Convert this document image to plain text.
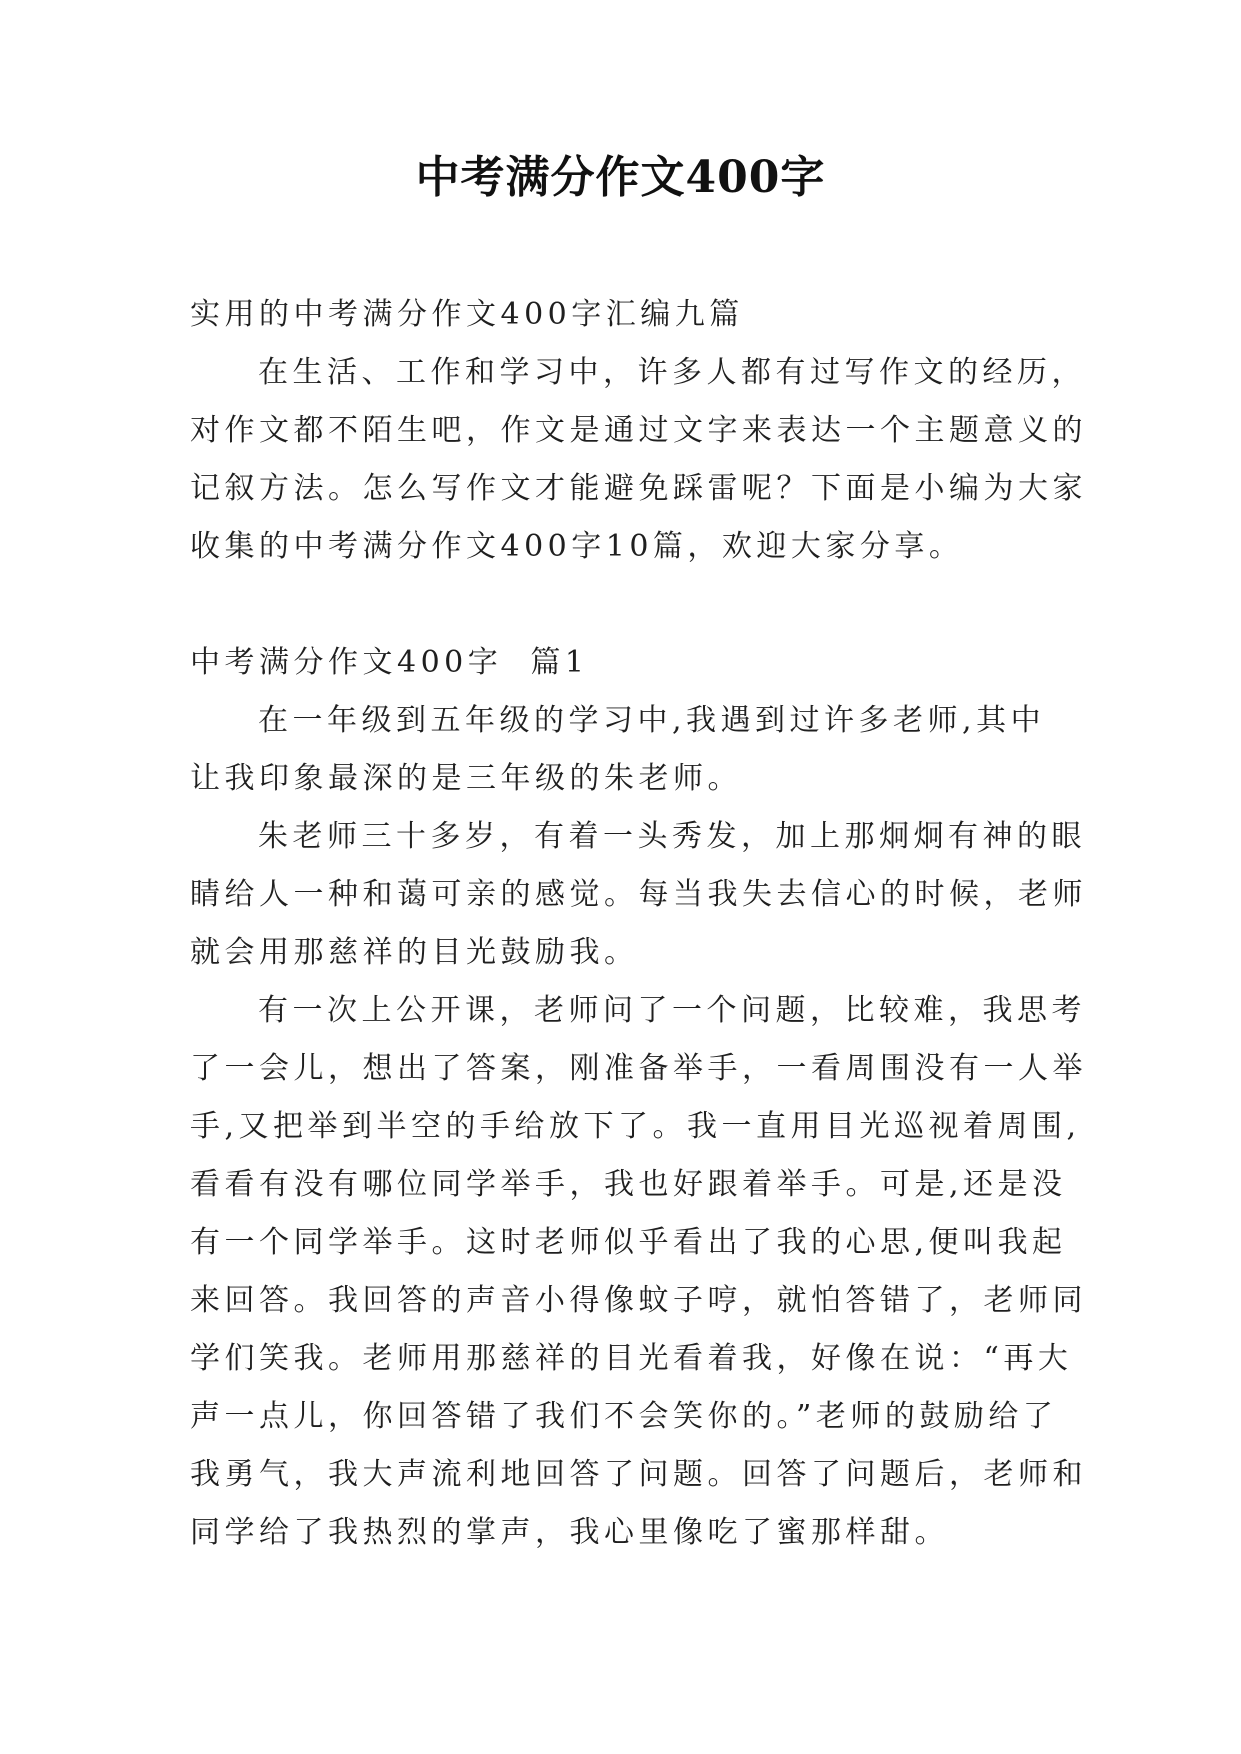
中考满分作文400字

实用的中考满分作文400字汇编九篇

在生活、工作和学习中，许多人都有过写作文的经历，

对作文都不陌生吧，作文是通过文字来表达一个主题意义的

记叙方法。怎么写作文才能避免踩雷呢？下面是小编为大家

收集的中考满分作文400字10篇，欢迎大家分享。

中考满分作文400字  篇1

在一年级到五年级的学习中,我遇到过许多老师,其中

让我印象最深的是三年级的朱老师。

朱老师三十多岁，有着一头秀发，加上那炯炯有神的眼

睛给人一种和蔼可亲的感觉。每当我失去信心的时候，老师

就会用那慈祥的目光鼓励我。

有一次上公开课，老师问了一个问题，比较难，我思考

了一会儿，想出了答案，刚准备举手，一看周围没有一人举

手,又把举到半空的手给放下了。我一直用目光巡视着周围,

看看有没有哪位同学举手，我也好跟着举手。可是,还是没

有一个同学举手。这时老师似乎看出了我的心思,便叫我起

来回答。我回答的声音小得像蚊子哼，就怕答错了，老师同

学们笑我。老师用那慈祥的目光看着我，好像在说：“再大

声一点儿，你回答错了我们不会笑你的。”老师的鼓励给了

我勇气，我大声流利地回答了问题。回答了问题后，老师和

同学给了我热烈的掌声，我心里像吃了蜜那样甜。
